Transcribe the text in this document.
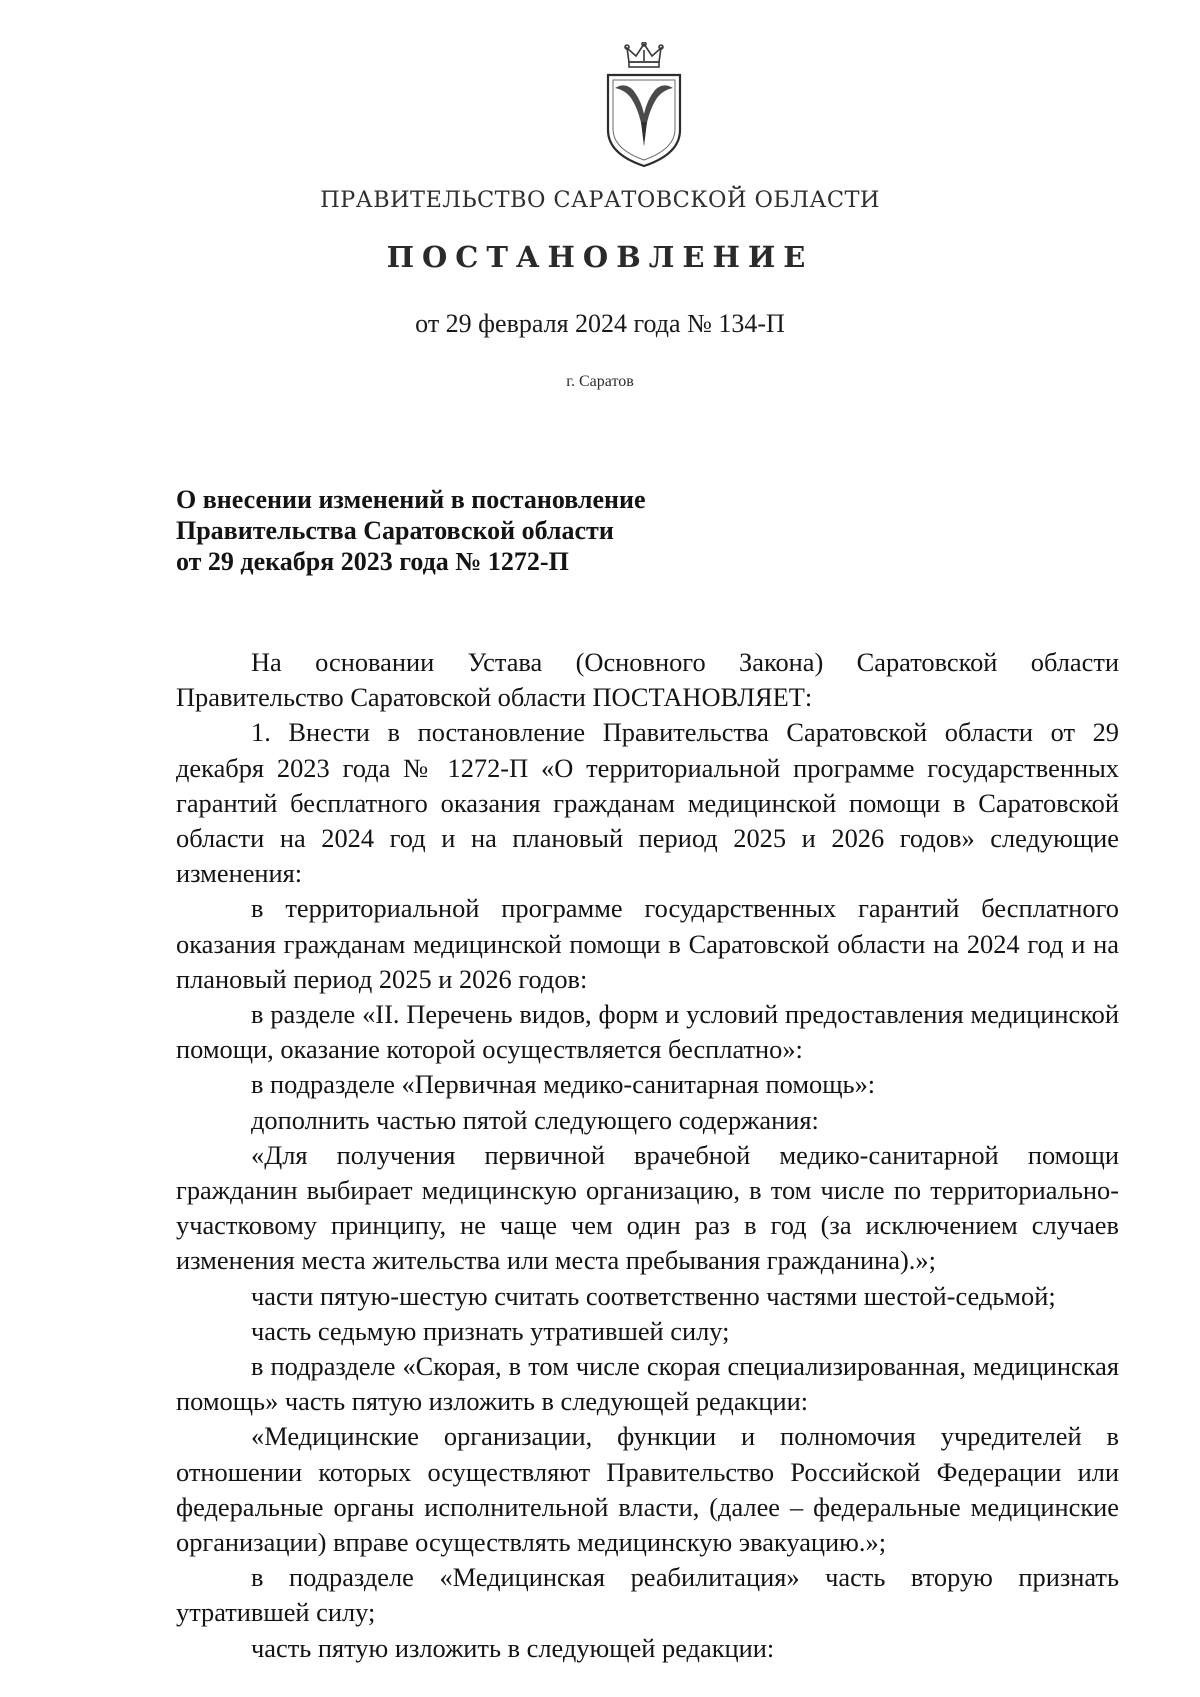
ПРАВИТЕЛЬСТВО САРАТОВСКОЙ ОБЛАСТИ
ПОСТАНОВЛЕНИЕ
от 29 февраля 2024 года № 134-П
г. Саратов
О внесении изменений в постановление
Правительства Саратовской области
от 29 декабря 2023 года № 1272-П

На основании Устава (Основного Закона) Саратовской области Правительство Саратовской области ПОСТАНОВЛЯЕТ:

1. Внести в постановление Правительства Саратовской области от 29 декабря 2023 года № 1272-П «О территориальной программе государственных гарантий бесплатного оказания гражданам медицинской помощи в Саратовской области на 2024 год и на плановый период 2025 и 2026 годов» следующие изменения:

в территориальной программе государственных гарантий бесплатного оказания гражданам медицинской помощи в Саратовской области на 2024 год и на плановый период 2025 и 2026 годов:

в разделе «II. Перечень видов, форм и условий предоставления медицинской помощи, оказание которой осуществляется бесплатно»:

в подразделе «Первичная медико-санитарная помощь»:

дополнить частью пятой следующего содержания:

«Для получения первичной врачебной медико-санитарной помощи гражданин выбирает медицинскую организацию, в том числе по территориально-участковому принципу, не чаще чем один раз в год (за исключением случаев изменения места жительства или места пребывания гражданина).»;

части пятую-шестую считать соответственно частями шестой-седьмой;

часть седьмую признать утратившей силу;

в подразделе «Скорая, в том числе скорая специализированная, медицинская помощь» часть пятую изложить в следующей редакции:

«Медицинские организации, функции и полномочия учредителей в отношении которых осуществляют Правительство Российской Федерации или федеральные органы исполнительной власти, (далее – федеральные медицинские организации) вправе осуществлять медицинскую эвакуацию.»;

в подразделе «Медицинская реабилитация» часть вторую признать утратившей силу;

часть пятую изложить в следующей редакции:
